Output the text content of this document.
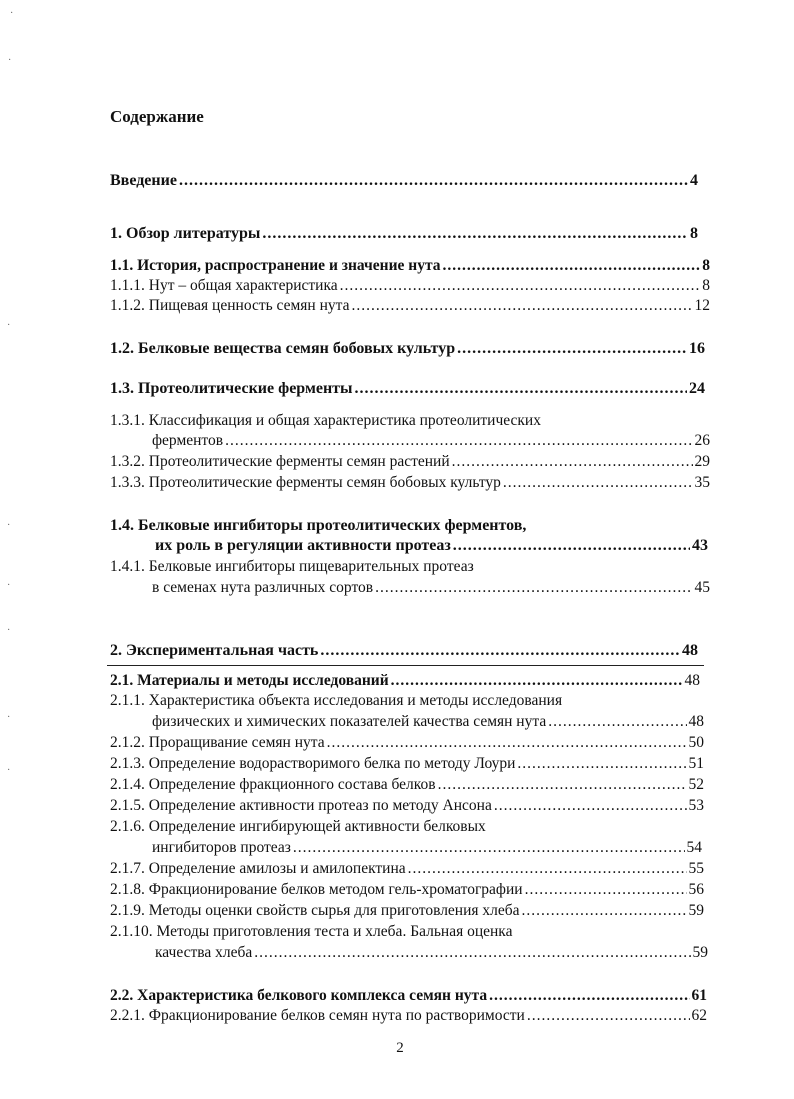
Содержание
Введение .....	4
1. Обзор литературы .....	8
1.1. История, распространение и значение нута .....	8
1.1.1. Нут – общая характеристика .....	8
1.1.2. Пищевая ценность семян нута .....	12
1.2. Белковые вещества семян бобовых культур .....	16
1.3. Протеолитические ферменты .....	24
1.3.1. Классификация и общая характеристика протеолитических
ферментов .....	26
1.3.2. Протеолитические ферменты семян растений .....	29
1.3.3. Протеолитические ферменты семян бобовых культур .....	35
1.4. Белковые ингибиторы протеолитических ферментов,
их роль в регуляции активности протеаз .....	43
1.4.1. Белковые ингибиторы пищеварительных протеаз
в семенах нута различных сортов .....	45
2. Экспериментальная часть .....	48
2.1. Материалы и методы исследований .....	48
2.1.1. Характеристика объекта исследования и методы исследования
физических и химических показателей качества семян нута .....	48
2.1.2. Проращивание семян нута .....	50
2.1.3. Определение водорастворимого белка по методу Лоури .....	51
2.1.4. Определение фракционного состава белков .....	52
2.1.5. Определение активности протеаз по методу Ансона .....	53
2.1.6. Определение ингибирующей активности белковых
ингибиторов протеаз .....	54
2.1.7. Определение амилозы и амилопектина .....	55
2.1.8. Фракционирование белков методом гель-хроматографии .....	56
2.1.9. Методы оценки свойств сырья для приготовления хлеба .....	59
2.1.10. Методы приготовления теста и хлеба. Бальная оценка
качества хлеба .....	59
2.2. Характеристика белкового комплекса семян нута .....	61
2.2.1. Фракционирование белков семян нута по растворимости .....	62
2
·
·
·
·
·
·
·
·
